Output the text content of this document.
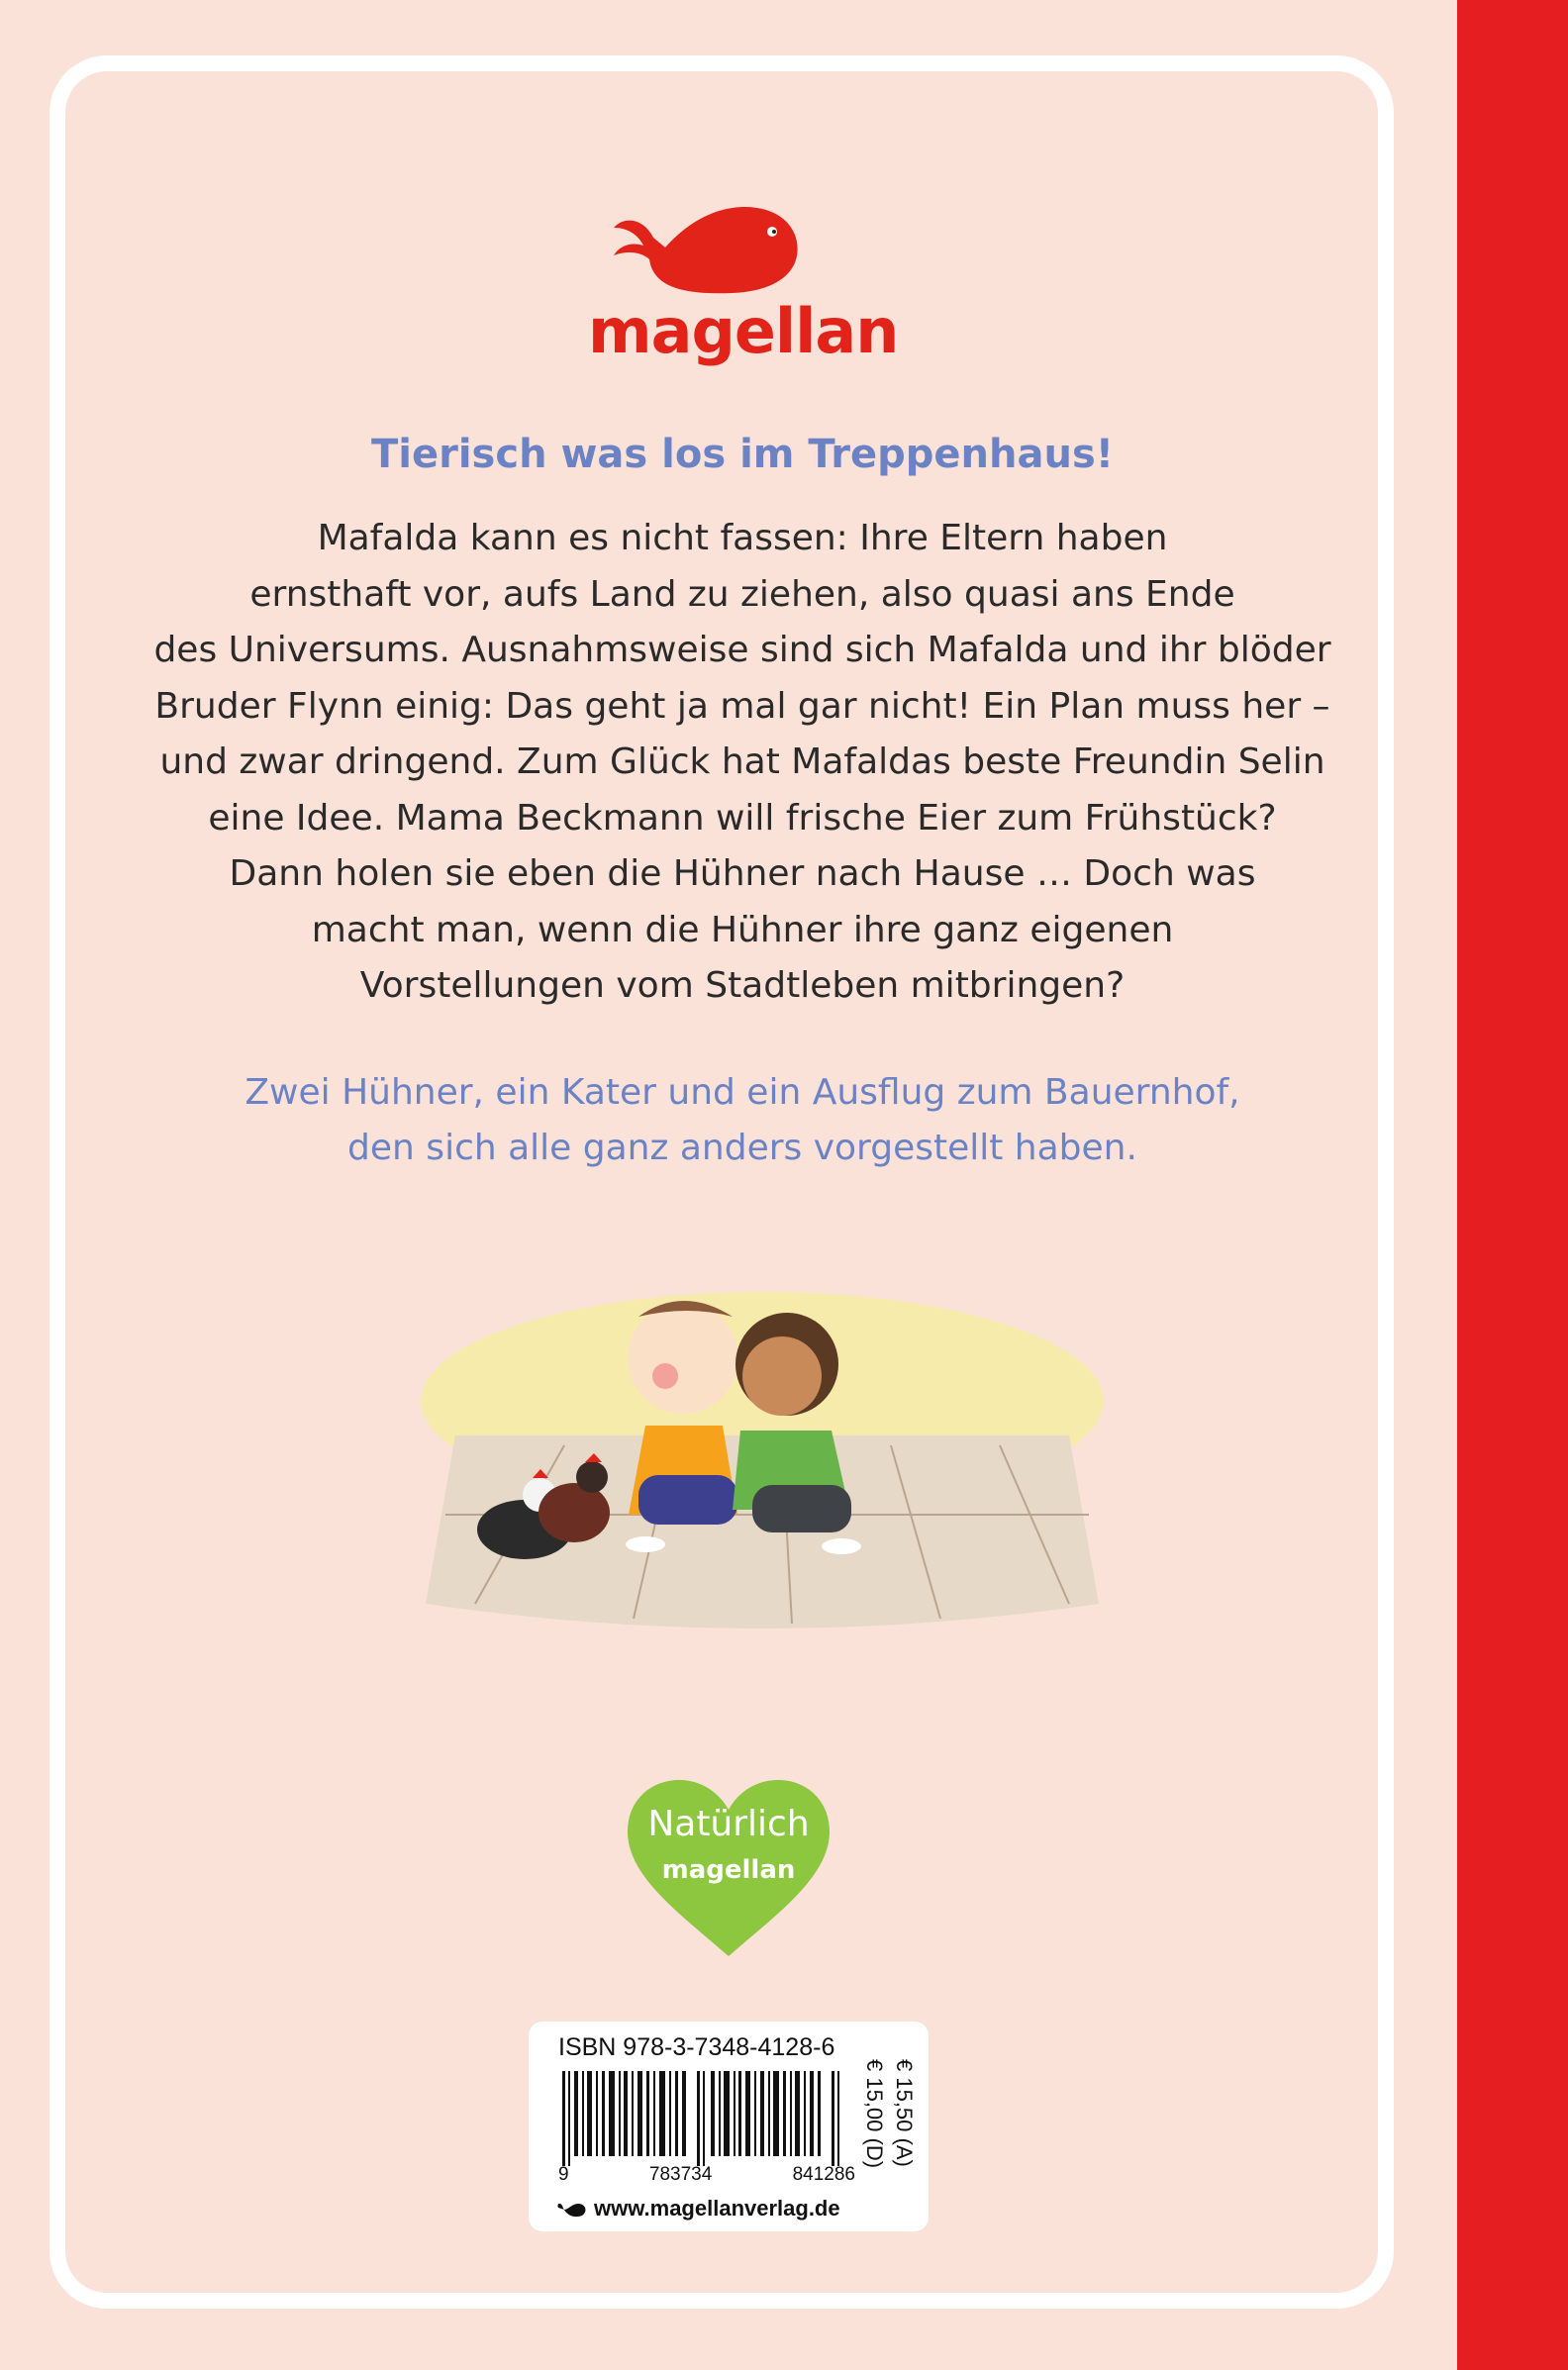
magellan
Tierisch was los im Treppenhaus!
Mafalda kann es nicht fassen: Ihre Eltern haben
ernsthaft vor, aufs Land zu ziehen, also quasi ans Ende
des Universums. Ausnahmsweise sind sich Mafalda und ihr blöder
Bruder Flynn einig: Das geht ja mal gar nicht! Ein Plan muss her –
und zwar dringend. Zum Glück hat Mafaldas beste Freundin Selin
eine Idee. Mama Beckmann will frische Eier zum Frühstück?
Dann holen sie eben die Hühner nach Hause … Doch was
macht man, wenn die Hühner ihre ganz eigenen
Vorstellungen vom Stadtleben mitbringen?
Zwei Hühner, ein Kater und ein Ausflug zum Bauernhof,
den sich alle ganz anders vorgestellt haben.
Natürlich
magellan
ISBN 978-3-7348-4128-6
9	783734	841286
€ 15,00 (D) € 15,50 (A)
www.magellanverlag.de
